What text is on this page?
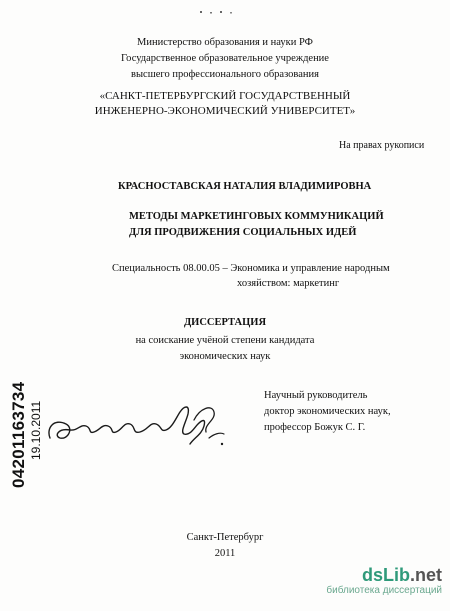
Министерство образования и науки РФ
Государственное образовательное учреждение
высшего профессионального образования
«САНКТ-ПЕТЕРБУРГСКИЙ ГОСУДАРСТВЕННЫЙ
ИНЖЕНЕРНО-ЭКОНОМИЧЕСКИЙ УНИВЕРСИТЕТ»
На правах рукописи
КРАСНОСТАВСКАЯ НАТАЛИЯ ВЛАДИМИРОВНА
МЕТОДЫ МАРКЕТИНГОВЫХ КОММУНИКАЦИЙ
ДЛЯ ПРОДВИЖЕНИЯ СОЦИАЛЬНЫХ ИДЕЙ
Специальность 08.00.05 – Экономика и управление народным
хозяйством: маркетинг
ДИССЕРТАЦИЯ
на соискание учёной степени кандидата
экономических наук
Научный руководитель
доктор экономических наук,
профессор Божук С. Г.
04201163734 19.10.2011
Санкт-Петербург
2011
dsLib.net
библиотека диссертаций
